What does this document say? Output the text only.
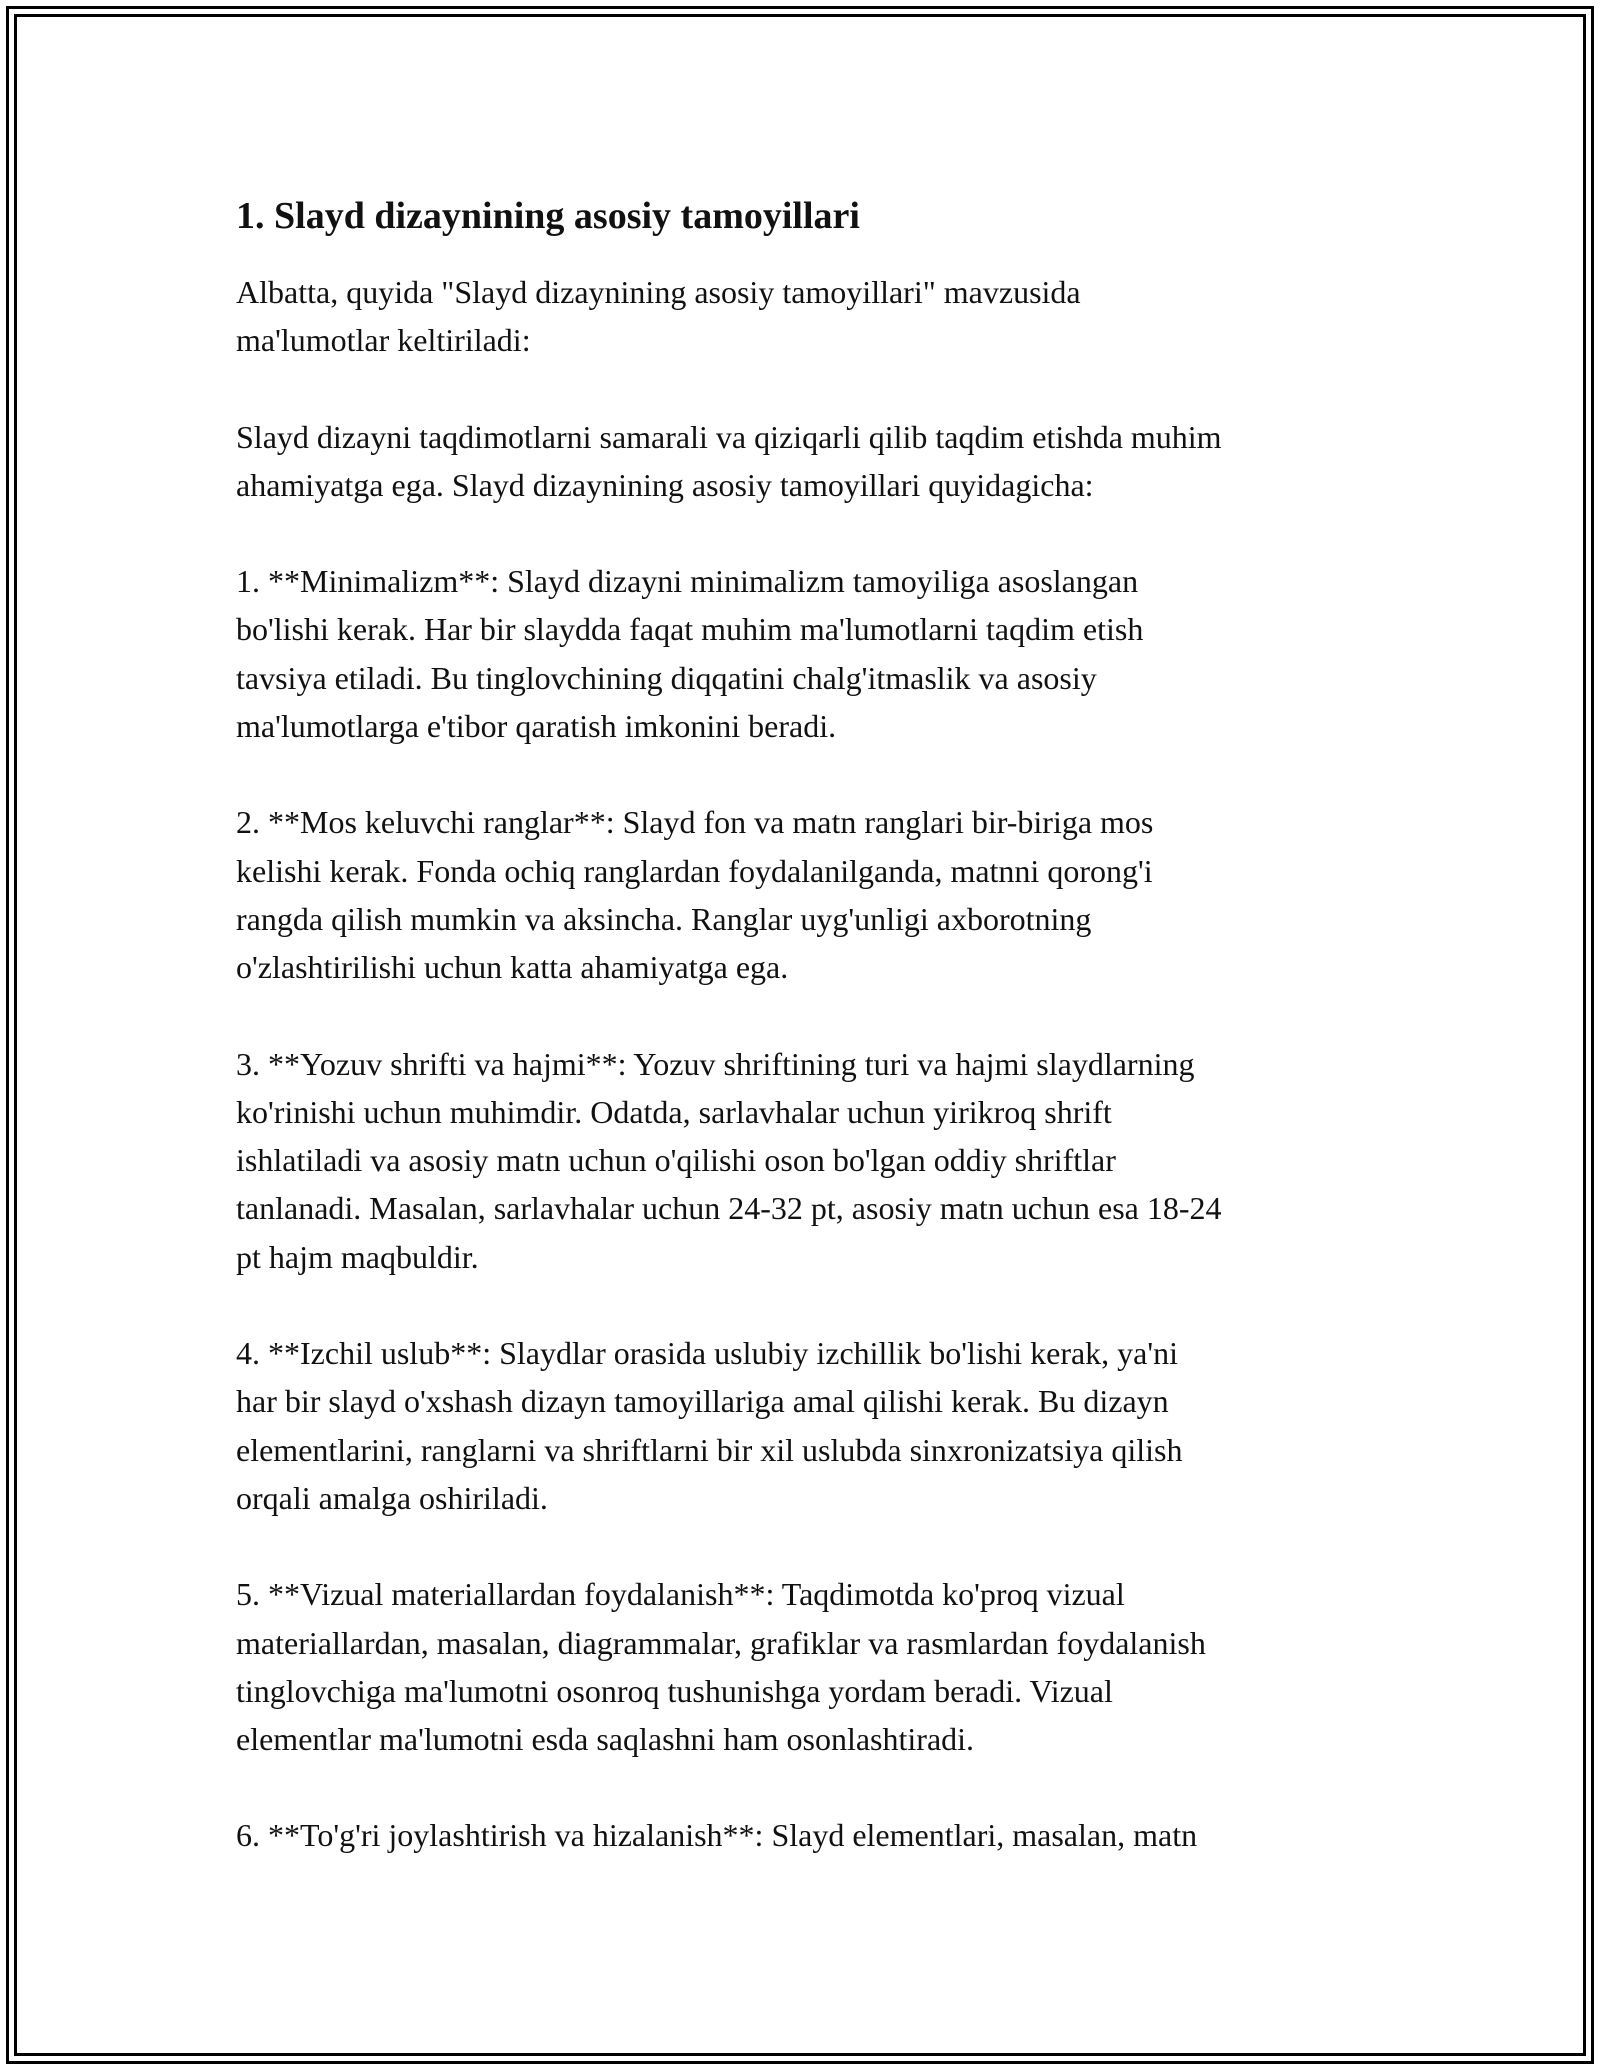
1. Slayd dizaynining asosiy tamoyillari

Albatta, quyida "Slayd dizaynining asosiy tamoyillari" mavzusida
ma'lumotlar keltiriladi:

Slayd dizayni taqdimotlarni samarali va qiziqarli qilib taqdim etishda muhim
ahamiyatga ega. Slayd dizaynining asosiy tamoyillari quyidagicha:

1. **Minimalizm**: Slayd dizayni minimalizm tamoyiliga asoslangan
bo'lishi kerak. Har bir slaydda faqat muhim ma'lumotlarni taqdim etish
tavsiya etiladi. Bu tinglovchining diqqatini chalg'itmaslik va asosiy
ma'lumotlarga e'tibor qaratish imkonini beradi.

2. **Mos keluvchi ranglar**: Slayd fon va matn ranglari bir-biriga mos
kelishi kerak. Fonda ochiq ranglardan foydalanilganda, matnni qorong'i
rangda qilish mumkin va aksincha. Ranglar uyg'unligi axborotning
o'zlashtirilishi uchun katta ahamiyatga ega.

3. **Yozuv shrifti va hajmi**: Yozuv shriftining turi va hajmi slaydlarning
ko'rinishi uchun muhimdir. Odatda, sarlavhalar uchun yirikroq shrift
ishlatiladi va asosiy matn uchun o'qilishi oson bo'lgan oddiy shriftlar
tanlanadi. Masalan, sarlavhalar uchun 24-32 pt, asosiy matn uchun esa 18-24
pt hajm maqbuldir.

4. **Izchil uslub**: Slaydlar orasida uslubiy izchillik bo'lishi kerak, ya'ni
har bir slayd o'xshash dizayn tamoyillariga amal qilishi kerak. Bu dizayn
elementlarini, ranglarni va shriftlarni bir xil uslubda sinxronizatsiya qilish
orqali amalga oshiriladi.

5. **Vizual materiallardan foydalanish**: Taqdimotda ko'proq vizual
materiallardan, masalan, diagrammalar, grafiklar va rasmlardan foydalanish
tinglovchiga ma'lumotni osonroq tushunishga yordam beradi. Vizual
elementlar ma'lumotni esda saqlashni ham osonlashtiradi.

6. **To'g'ri joylashtirish va hizalanish**: Slayd elementlari, masalan, matn
